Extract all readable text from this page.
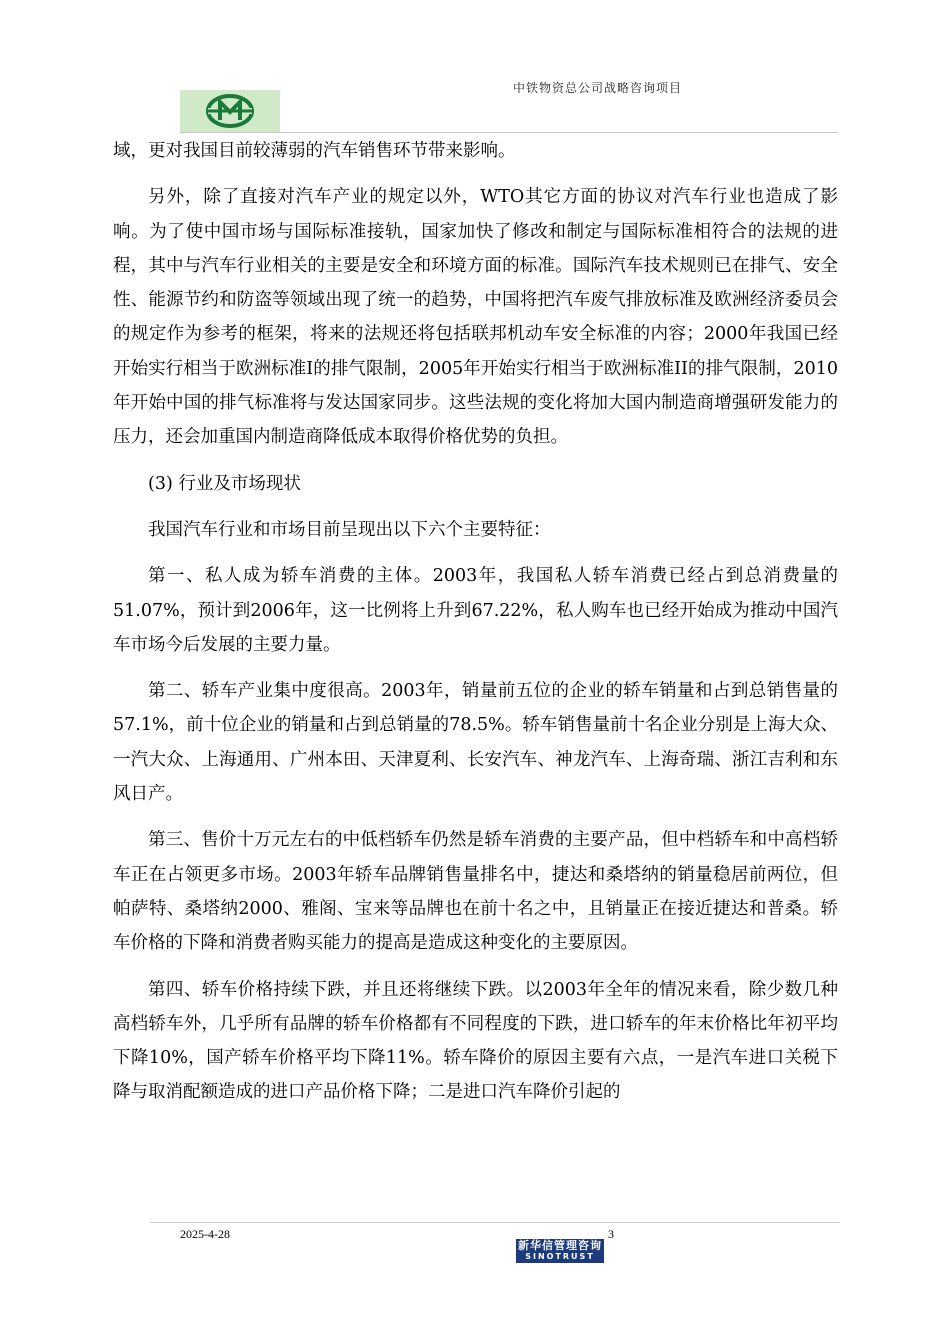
中铁物资总公司战略咨询项目

域，更对我国目前较薄弱的汽车销售环节带来影响。

另外，除了直接对汽车产业的规定以外，WTO其它方面的协议对汽车行业也造成了影响。为了使中国市场与国际标准接轨，国家加快了修改和制定与国际标准相符合的法规的进程，其中与汽车行业相关的主要是安全和环境方面的标准。国际汽车技术规则已在排气、安全性、能源节约和防盗等领域出现了统一的趋势，中国将把汽车废气排放标准及欧洲经济委员会的规定作为参考的框架，将来的法规还将包括联邦机动车安全标准的内容；2000年我国已经开始实行相当于欧洲标准I的排气限制，2005年开始实行相当于欧洲标准II的排气限制，2010年开始中国的排气标准将与发达国家同步。这些法规的变化将加大国内制造商增强研发能力的压力，还会加重国内制造商降低成本取得价格优势的负担。

(3) 行业及市场现状

我国汽车行业和市场目前呈现出以下六个主要特征：

第一、私人成为轿车消费的主体。2003年，我国私人轿车消费已经占到总消费量的51.07%，预计到2006年，这一比例将上升到67.22%，私人购车也已经开始成为推动中国汽车市场今后发展的主要力量。

第二、轿车产业集中度很高。2003年，销量前五位的企业的轿车销量和占到总销售量的57.1%，前十位企业的销量和占到总销量的78.5%。轿车销售量前十名企业分别是上海大众、一汽大众、上海通用、广州本田、天津夏利、长安汽车、神龙汽车、上海奇瑞、浙江吉利和东风日产。

第三、售价十万元左右的中低档轿车仍然是轿车消费的主要产品，但中档轿车和中高档轿车正在占领更多市场。2003年轿车品牌销售量排名中，捷达和桑塔纳的销量稳居前两位，但帕萨特、桑塔纳2000、雅阁、宝来等品牌也在前十名之中，且销量正在接近捷达和普桑。轿车价格的下降和消费者购买能力的提高是造成这种变化的主要原因。

第四、轿车价格持续下跌，并且还将继续下跌。以2003年全年的情况来看，除少数几种高档轿车外，几乎所有品牌的轿车价格都有不同程度的下跌，进口轿车的年末价格比年初平均下降10%，国产轿车价格平均下降11%。轿车降价的原因主要有六点，一是汽车进口关税下降与取消配额造成的进口产品价格下降；二是进口汽车降价引起的

2025-4-28	3
新华信管理咨询
SINOTRUST
